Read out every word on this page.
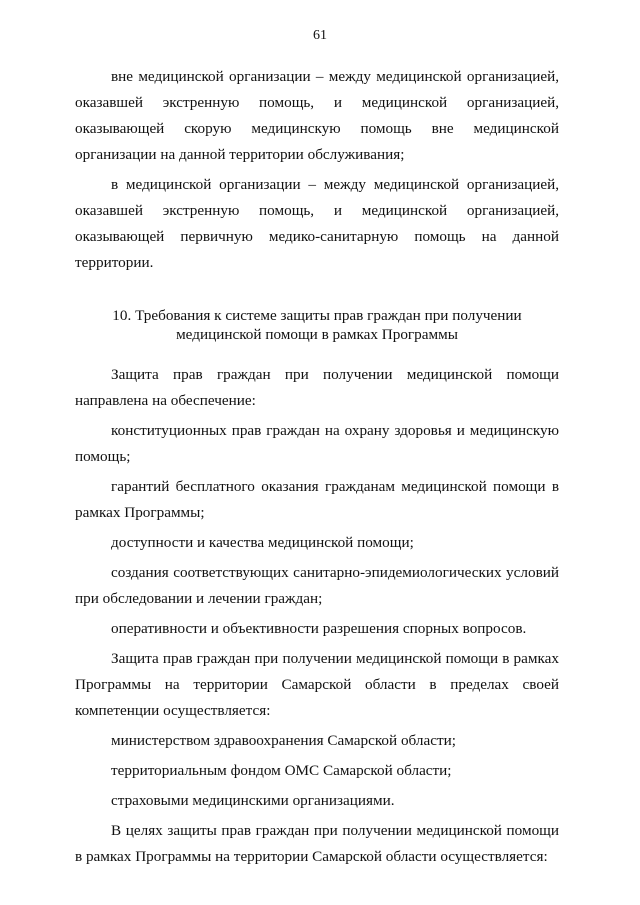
61

вне медицинской организации – между медицинской организацией, оказавшей экстренную помощь, и медицинской организацией, оказывающей скорую медицинскую помощь вне медицинской организации на данной территории обслуживания;

в медицинской организации – между медицинской организацией, оказавшей экстренную помощь, и медицинской организацией, оказывающей первичную медико-санитарную помощь на данной территории.

10. Требования к системе защиты прав граждан при получении
медицинской помощи в рамках Программы

Защита прав граждан при получении медицинской помощи направлена на обеспечение:

конституционных прав граждан на охрану здоровья и медицинскую помощь;

гарантий бесплатного оказания гражданам медицинской помощи в рамках Программы;

доступности и качества медицинской помощи;

создания соответствующих санитарно-эпидемиологических условий при обследовании и лечении граждан;

оперативности и объективности разрешения спорных вопросов.

Защита прав граждан при получении медицинской помощи в рамках Программы на территории Самарской области в пределах своей компетенции осуществляется:

министерством здравоохранения Самарской области;

территориальным фондом ОМС Самарской области;

страховыми медицинскими организациями.

В целях защиты прав граждан при получении медицинской помощи в рамках Программы на территории Самарской области осуществляется:
